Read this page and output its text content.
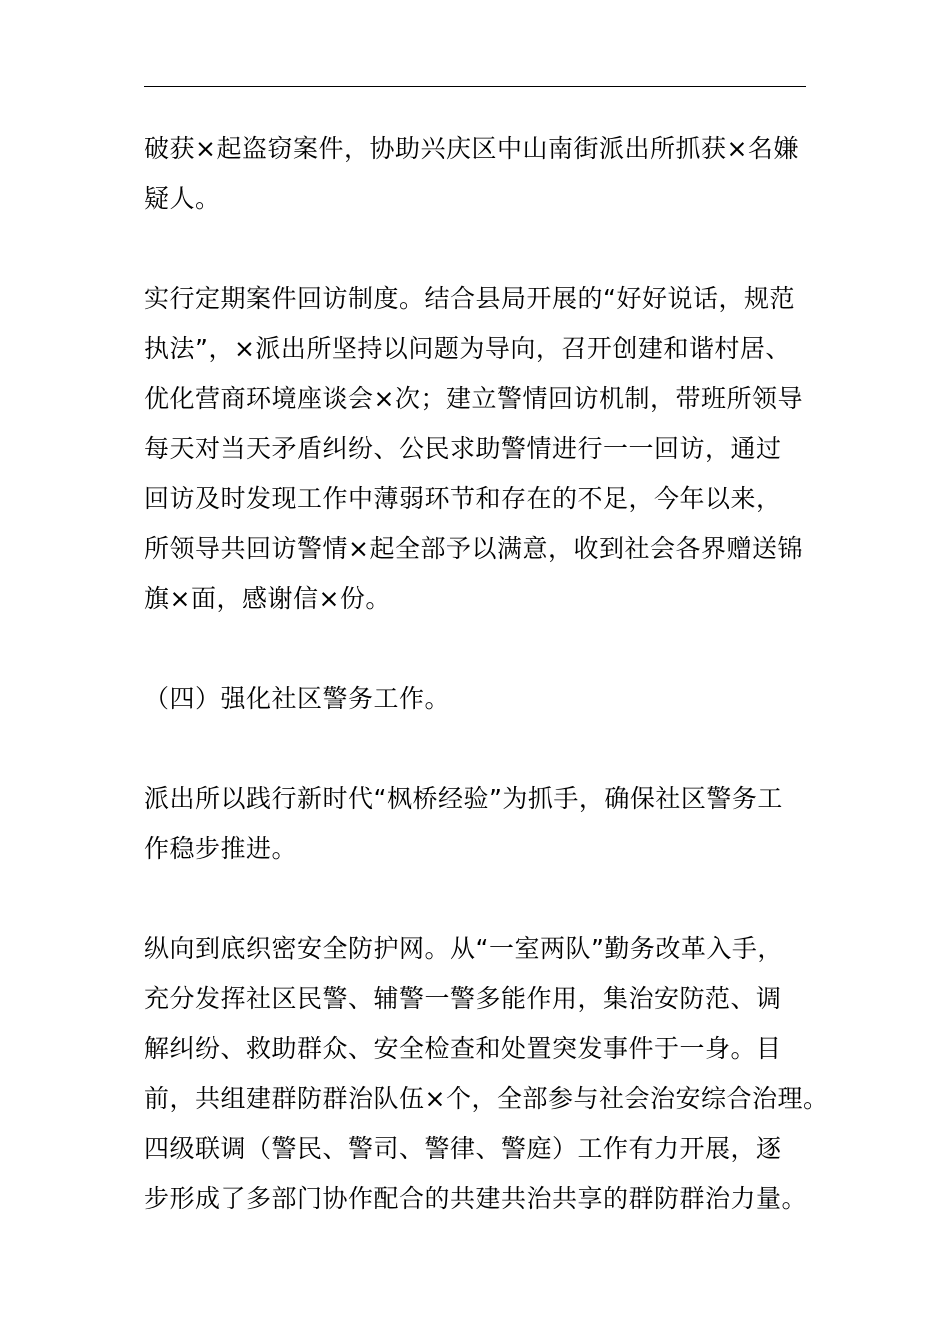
破获×起盗窃案件，协助兴庆区中山南街派出所抓获×名嫌
疑人。

实行定期案件回访制度。结合县局开展的“好好说话，规范
执法”，×派出所坚持以问题为导向，召开创建和谐村居、
优化营商环境座谈会×次；建立警情回访机制，带班所领导
每天对当天矛盾纠纷、公民求助警情进行一一回访，通过
回访及时发现工作中薄弱环节和存在的不足，今年以来，
所领导共回访警情×起全部予以满意，收到社会各界赠送锦
旗×面，感谢信×份。

（四）强化社区警务工作。

派出所以践行新时代“枫桥经验”为抓手，确保社区警务工
作稳步推进。

纵向到底织密安全防护网。从“一室两队”勤务改革入手，
充分发挥社区民警、辅警一警多能作用，集治安防范、调
解纠纷、救助群众、安全检查和处置突发事件于一身。目
前，共组建群防群治队伍×个，全部参与社会治安综合治理。
四级联调（警民、警司、警律、警庭）工作有力开展，逐
步形成了多部门协作配合的共建共治共享的群防群治力量。
